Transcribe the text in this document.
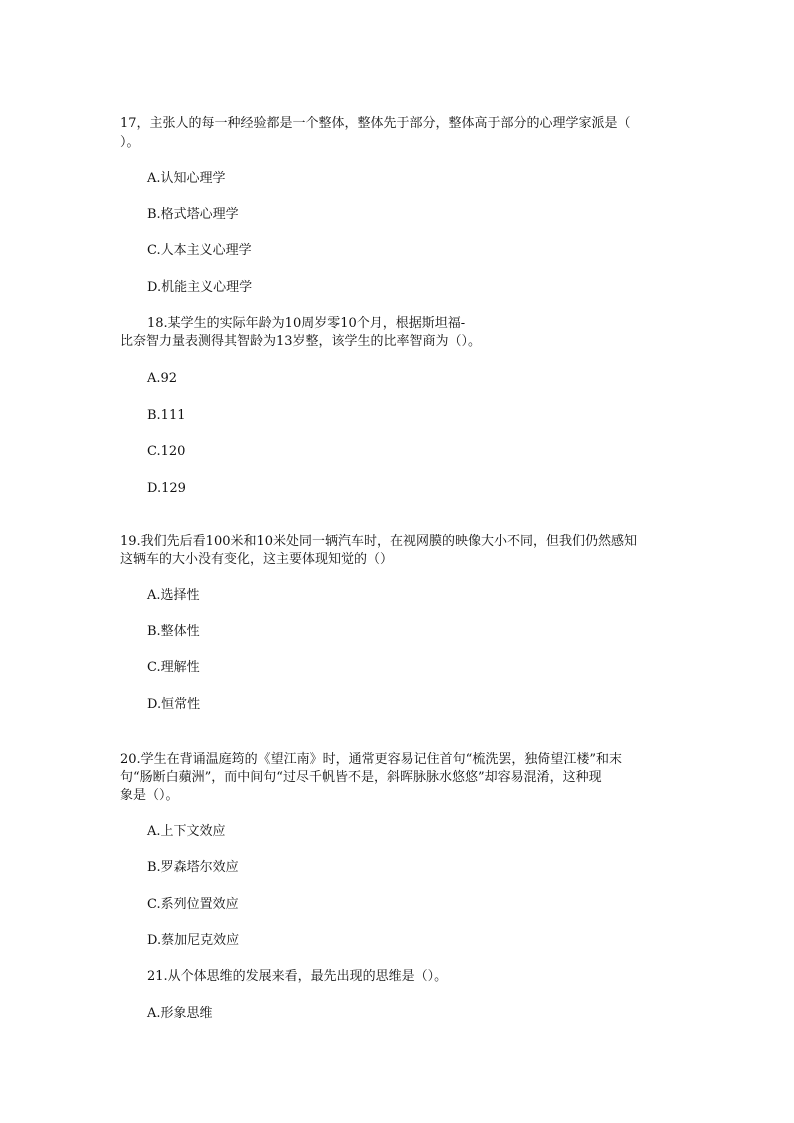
17，主张人的每一种经验都是一个整体，整体先于部分，整体高于部分的心理学家派是（

）。

A.认知心理学

B.格式塔心理学

C.人本主义心理学

D.机能主义心理学

18.某学生的实际年龄为10周岁零10个月，根据斯坦福-

比奈智力量表测得其智龄为13岁整，该学生的比率智商为（）。

A.92

B.111

C.120

D.129

19.我们先后看100米和10米处同一辆汽车时，在视网膜的映像大小不同，但我们仍然感知

这辆车的大小没有变化，这主要体现知觉的（）

A.选择性

B.整体性

C.理解性

D.恒常性

20.学生在背诵温庭筠的《望江南》时，通常更容易记住首句“梳洗罢，独倚望江楼”和末

句“肠断白蘋洲”，而中间句“过尽千帆皆不是，斜晖脉脉水悠悠”却容易混淆，这种现

象是（）。

A.上下文效应

B.罗森塔尔效应

C.系列位置效应

D.蔡加尼克效应

21.从个体思维的发展来看，最先出现的思维是（）。

A.形象思维
